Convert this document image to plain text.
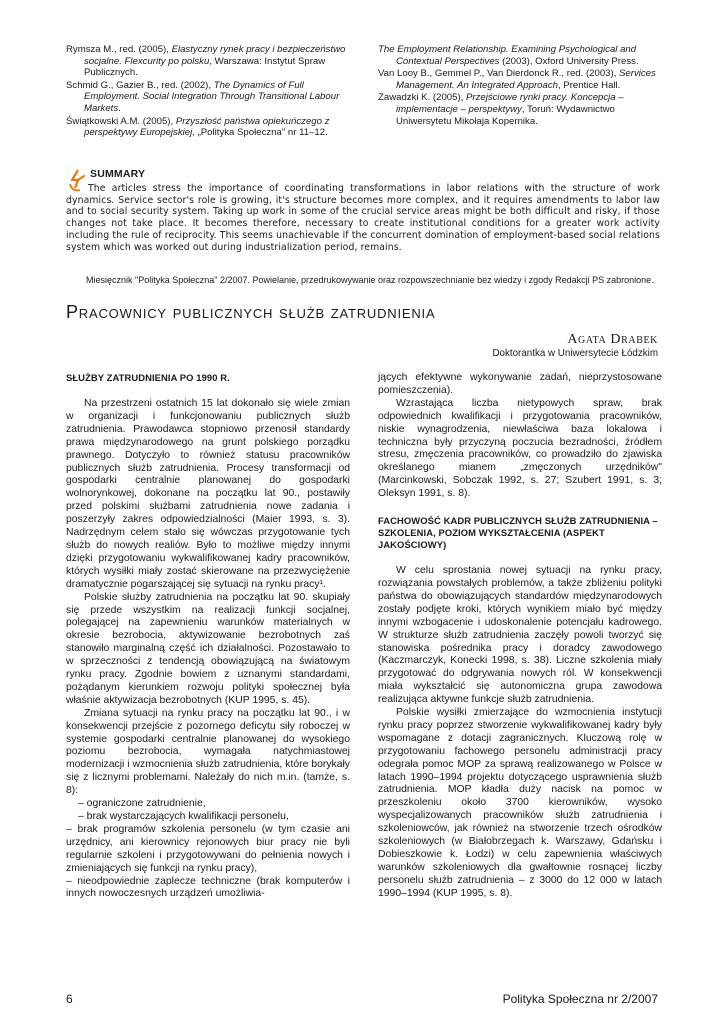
Rymsza M., red. (2005), Elastyczny rynek pracy i bezpieczeństwo socjalne. Flexcurity po polsku, Warszawa: Instytut Spraw Publicznych.
Schmid G., Gazier B., red. (2002), The Dynamics of Full Employment. Social Integration Through Transitional Labour Markets.
Świątkowski A.M. (2005), Przyszłość państwa opiekuńczego z perspektywy Europejskiej, „Polityka Społeczna" nr 11–12.
The Employment Relationship. Examining Psychological and Contextual Perspectives (2003), Oxford University Press.
Van Looy B., Gemmel P., Van Dierdonck R., red. (2003), Services Management. An Integrated Approach, Prentice Hall.
Zawadzki K. (2005), Przejściowe rynki pracy. Koncepcja – implementacje – perspektywy, Toruń: Wydawnictwo Uniwersytetu Mikołaja Kopernika.
SUMMARY

The articles stress the importance of coordinating transformations in labor relations with the structure of work dynamics. Service sector's role is growing, it's structure becomes more complex, and it requires amendments to labor law and to social security system. Taking up work in some of the crucial service areas might be both difficult and risky, if those changes not take place. It becomes therefore, necessary to create institutional conditions for a greater work activity including the rule of reciprocity. This seems unachievable if the concurrent domination of employment-based social relations system which was worked out during industrialization period, remains.

Miesięcznik "Polityka Społeczna" 2/2007. Powielanie, przedrukowywanie oraz rozpowszechnianie bez wiedzy i zgody Redakcji PS zabronione.
Pracownicy publicznych służb zatrudnienia
Agata Drabek
Doktorantka w Uniwersytecie Łódzkim
SŁUŻBY ZATRUDNIENIA PO 1990 R.

Na przestrzeni ostatnich 15 lat dokonało się wiele zmian w organizacji i funkcjonowaniu publicznych służb zatrudnienia. Prawodawca stopniowo przenosił standardy prawa międzynarodowego na grunt polskiego porządku prawnego. Dotyczyło to również statusu pracowników publicznych służb zatrudnienia. Procesy transformacji od gospodarki centralnie planowanej do gospodarki wolnorynkowej, dokonane na początku lat 90., postawiły przed polskimi służbami zatrudnienia nowe zadania i poszerzyły zakres odpowiedzialności (Maier 1993, s. 3). Nadrzędnym celem stało się wówczas przygotowanie tych służb do nowych realiów. Było to możliwe między innymi dzięki przygotowaniu wykwalifikowanej kadry pracowników, których wysiłki miały zostać skierowane na przezwyciężenie dramatycznie pogarszającej się sytuacji na rynku pracy¹.

Polskie służby zatrudnienia na początku lat 90. skupiały się przede wszystkim na realizacji funkcji socjalnej, polegającej na zapewnieniu warunków materialnych w okresie bezrobocia, aktywizowanie bezrobotnych zaś stanowiło marginalną część ich działalności. Pozostawało to w sprzeczności z tendencją obowiązującą na światowym rynku pracy. Zgodnie bowiem z uznanymi standardami, pożądanym kierunkiem rozwoju polityki społecznej była właśnie aktywizacja bezrobotnych (KUP 1995, s. 45).

Zmiana sytuacji na rynku pracy na początku lat 90., i w konsekwencji przejście z pozornego deficytu siły roboczej w systemie gospodarki centralnie planowanej do wysokiego poziomu bezrobocia, wymagała natychmiastowej modernizacji i wzmocnienia służb zatrudnienia, które borykały się z licznymi problemami. Należały do nich m.in. (tamże, s. 8):

– ograniczone zatrudnienie,

– brak wystarczających kwalifikacji personelu,

– brak programów szkolenia personelu (w tym czasie ani urzędnicy, ani kierownicy rejonowych biur pracy nie byli regularnie szkoleni i przygotowywani do pełnienia nowych i zmieniających się funkcji na rynku pracy),

– nieodpowiednie zaplecze techniczne (brak komputerów i innych nowoczesnych urządzeń umożliwia-

jących efektywne wykonywanie zadań, nieprzystosowane pomieszczenia).

Wzrastająca liczba nietypowych spraw, brak odpowiednich kwalifikacji i przygotowania pracowników, niskie wynagrodzenia, niewłaściwa baza lokalowa i techniczna były przyczyną poczucia bezradności, źródłem stresu, zmęczenia pracowników, co prowadziło do zjawiska określanego mianem „zmęczonych urzędników" (Marcinkowski, Sobczak 1992, s. 27; Szubert 1991, s. 3; Oleksyn 1991, s. 8).

FACHOWOŚĆ KADR PUBLICZNYCH SŁUŻB ZATRUDNIENIA – SZKOLENIA, POZIOM WYKSZTAŁCENIA (ASPEKT JAKOŚCIOWY)

W celu sprostania nowej sytuacji na rynku pracy, rozwiązania powstałych problemów, a także zbliżeniu polityki państwa do obowiązujących standardów międzynarodowych zostały podjęte kroki, których wynikiem miało być między innymi wzbogacenie i udoskonalenie potencjału kadrowego. W strukturze służb zatrudnienia zaczęły powoli tworzyć się stanowiska pośrednika pracy i doradcy zawodowego (Kaczmarczyk, Konecki 1998, s. 38). Liczne szkolenia miały przygotować do odgrywania nowych ról. W konsekwencji miała wykształcić się autonomiczna grupa zawodowa realizująca aktywne funkcje służb zatrudnienia.

Polskie wysiłki zmierzające do wzmocnienia instytucji rynku pracy poprzez stworzenie wykwalifikowanej kadry były wspomagane z dotacji zagranicznych. Kluczową rolę w przygotowaniu fachowego personelu administracji pracy odegrała pomoc MOP za sprawą realizowanego w Polsce w latach 1990–1994 projektu dotyczącego usprawnienia służb zatrudnienia. MOP kładła duży nacisk na pomoc w przeszkoleniu około 3700 kierowników, wysoko wyspecjalizowanych pracowników służb zatrudnienia i szkoleniowców, jak również na stworzenie trzech ośrodków szkoleniowych (w Białobrzegach k. Warszawy, Gdańsku i Dobieszkowie k. Łodzi) w celu zapewnienia właściwych warunków szkoleniowych dla gwałtownie rosnącej liczby personelu służb zatrudnienia – z 3000 do 12 000 w latach 1990–1994 (KUP 1995, s. 8).

6	Polityka Społeczna nr 2/2007
